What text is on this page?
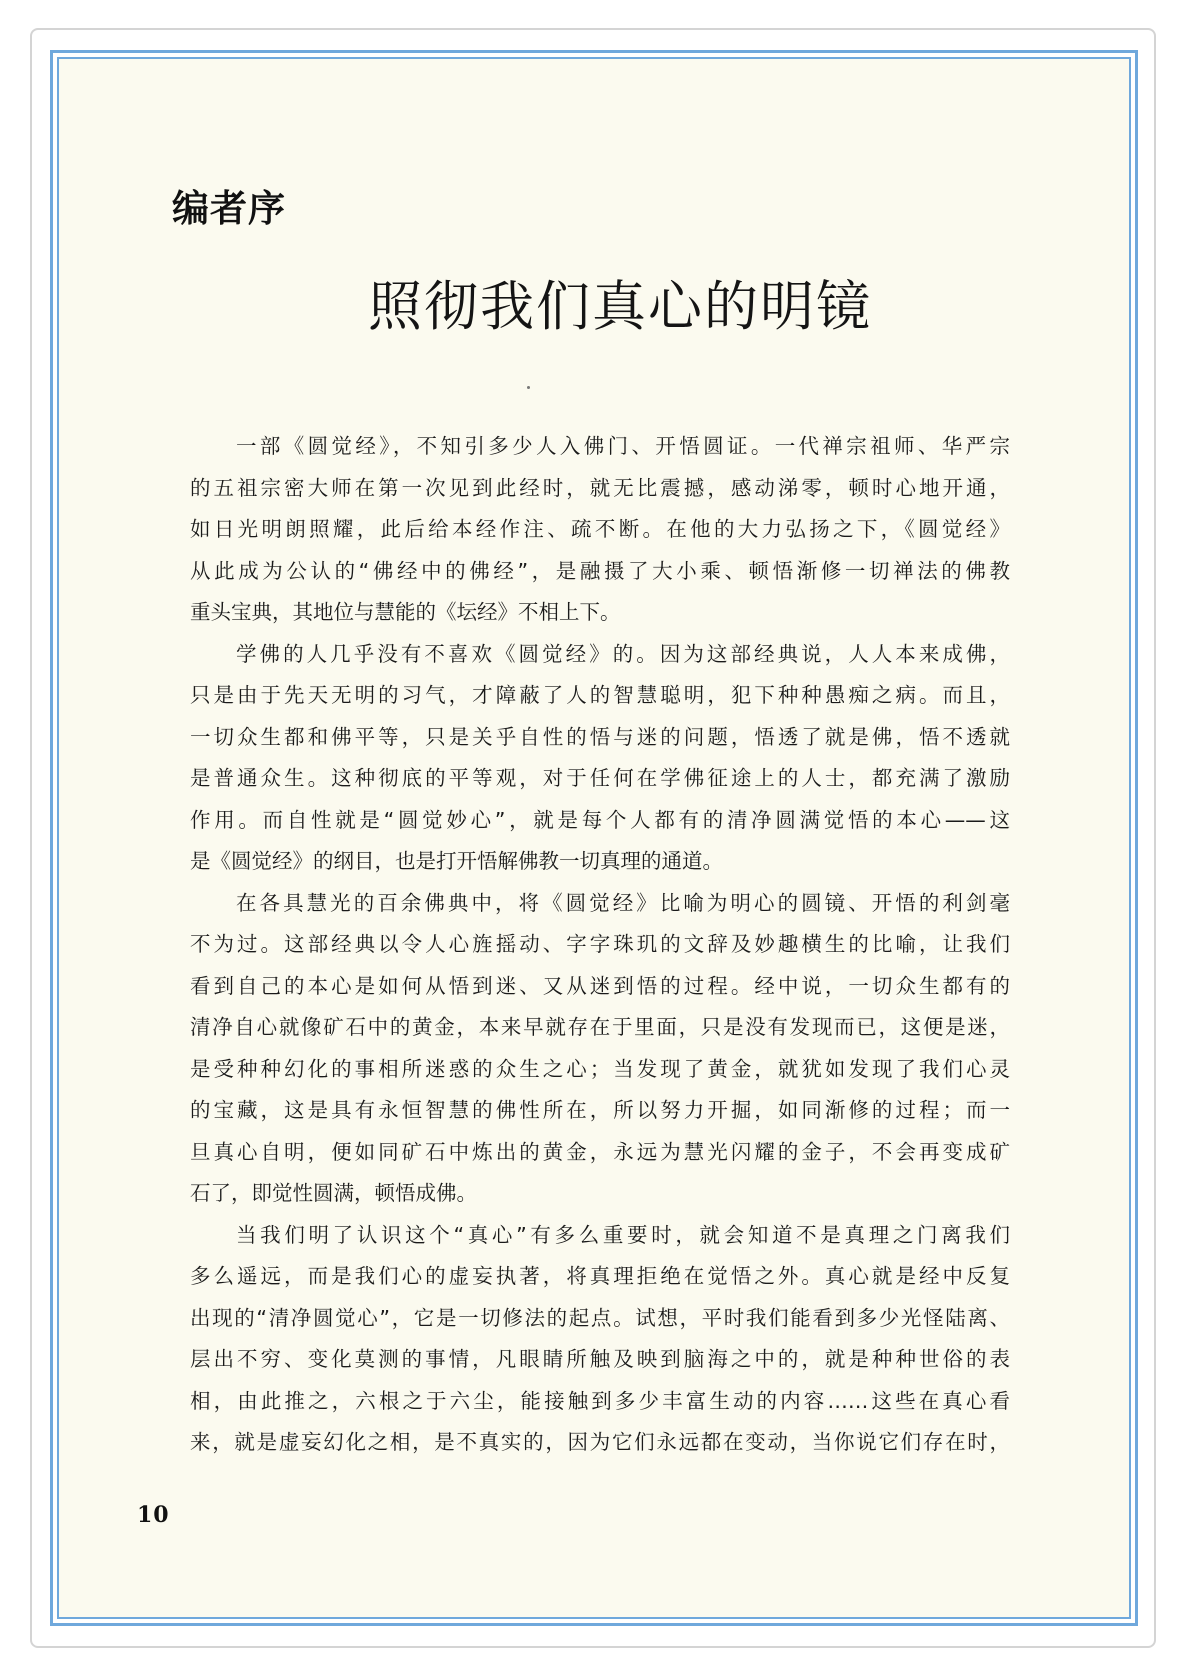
编者序
照彻我们真心的明镜
一部《圆觉经》，不知引多少人入佛门、开悟圆证。一代禅宗祖师、华严宗
的五祖宗密大师在第一次见到此经时，就无比震撼，感动涕零，顿时心地开通，
如日光明朗照耀，此后给本经作注、疏不断。在他的大力弘扬之下，《圆觉经》
从此成为公认的“佛经中的佛经”，是融摄了大小乘、顿悟渐修一切禅法的佛教
重头宝典，其地位与慧能的《坛经》不相上下。
学佛的人几乎没有不喜欢《圆觉经》的。因为这部经典说，人人本来成佛，
只是由于先天无明的习气，才障蔽了人的智慧聪明，犯下种种愚痴之病。而且，
一切众生都和佛平等，只是关乎自性的悟与迷的问题，悟透了就是佛，悟不透就
是普通众生。这种彻底的平等观，对于任何在学佛征途上的人士，都充满了激励
作用。而自性就是“圆觉妙心”，就是每个人都有的清净圆满觉悟的本心——这
是《圆觉经》的纲目，也是打开悟解佛教一切真理的通道。
在各具慧光的百余佛典中，将《圆觉经》比喻为明心的圆镜、开悟的利剑毫
不为过。这部经典以令人心旌摇动、字字珠玑的文辞及妙趣横生的比喻，让我们
看到自己的本心是如何从悟到迷、又从迷到悟的过程。经中说，一切众生都有的
清净自心就像矿石中的黄金，本来早就存在于里面，只是没有发现而已，这便是迷，
是受种种幻化的事相所迷惑的众生之心；当发现了黄金，就犹如发现了我们心灵
的宝藏，这是具有永恒智慧的佛性所在，所以努力开掘，如同渐修的过程；而一
旦真心自明，便如同矿石中炼出的黄金，永远为慧光闪耀的金子，不会再变成矿
石了，即觉性圆满，顿悟成佛。
当我们明了认识这个“真心”有多么重要时，就会知道不是真理之门离我们
多么遥远，而是我们心的虚妄执著，将真理拒绝在觉悟之外。真心就是经中反复
出现的“清净圆觉心”，它是一切修法的起点。试想，平时我们能看到多少光怪陆离、
层出不穷、变化莫测的事情，凡眼睛所触及映到脑海之中的，就是种种世俗的表
相，由此推之，六根之于六尘，能接触到多少丰富生动的内容……这些在真心看
来，就是虚妄幻化之相，是不真实的，因为它们永远都在变动，当你说它们存在时，
10
